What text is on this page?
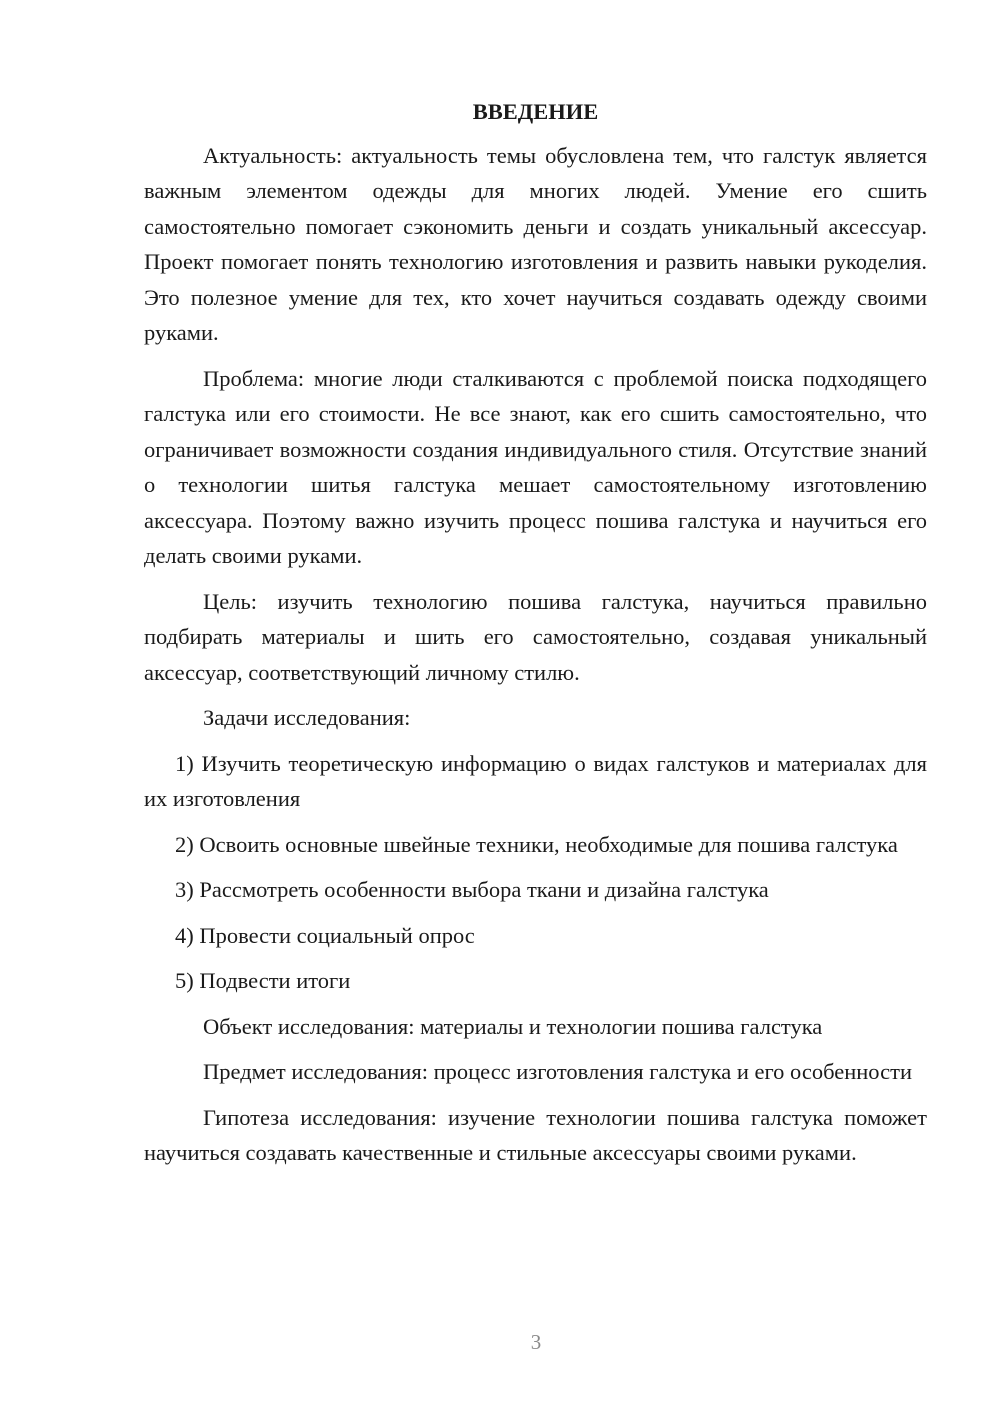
ВВЕДЕНИЕ

Актуальность: актуальность темы обусловлена тем, что галстук является важным элементом одежды для многих людей. Умение его сшить самостоятельно помогает сэкономить деньги и создать уникальный аксессуар. Проект помогает понять технологию изготовления и развить навыки рукоделия. Это полезное умение для тех, кто хочет научиться создавать одежду своими руками.

Проблема: многие люди сталкиваются с проблемой поиска подходящего галстука или его стоимости. Не все знают, как его сшить самостоятельно, что ограничивает возможности создания индивидуального стиля. Отсутствие знаний о технологии шитья галстука мешает самостоятельному изготовлению аксессуара. Поэтому важно изучить процесс пошива галстука и научиться его делать своими руками.

Цель: изучить технологию пошива галстука, научиться правильно подбирать материалы и шить его самостоятельно, создавая уникальный аксессуар, соответствующий личному стилю.

Задачи исследования:

1) Изучить теоретическую информацию о видах галстуков и материалах для их изготовления

2) Освоить основные швейные техники, необходимые для пошива галстука

3) Рассмотреть особенности выбора ткани и дизайна галстука

4) Провести социальный опрос

5) Подвести итоги

Объект исследования: материалы и технологии пошива галстука

Предмет исследования: процесс изготовления галстука и его особенности

Гипотеза исследования: изучение технологии пошива галстука поможет научиться создавать качественные и стильные аксессуары своими руками.

3
